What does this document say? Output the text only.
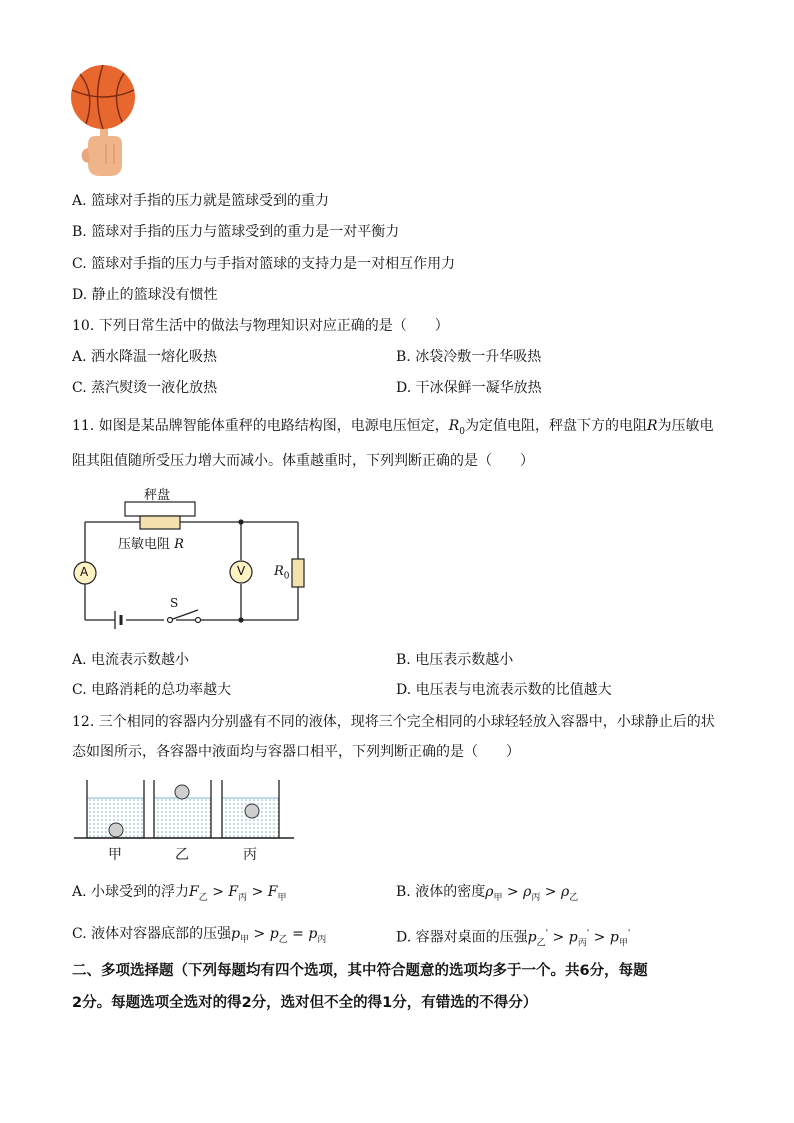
A. 篮球对手指的压力就是篮球受到的重力
B. 篮球对手指的压力与篮球受到的重力是一对平衡力
C. 篮球对手指的压力与手指对篮球的支持力是一对相互作用力
D. 静止的篮球没有惯性
10. 下列日常生活中的做法与物理知识对应正确的是（　　）
A. 洒水降温一熔化吸热	B. 冰袋冷敷一升华吸热
C. 蒸汽熨烫一液化放热	D. 干冰保鲜一凝华放热
11. 如图是某品牌智能体重秤的电路结构图，电源电压恒定，$R_0$为定值电阻，秤盘下方的电阻R为压敏电
阻其阻值随所受压力增大而减小。体重越重时，下列判断正确的是（　　）
秤盘
压敏电阻 R
A	V
S
$R_0$
A. 电流表示数越小	B. 电压表示数越小
C. 电路消耗的总功率越大	D. 电压表与电流表示数的比值越大
12. 三个相同的容器内分别盛有不同的液体，现将三个完全相同的小球轻轻放入容器中，小球静止后的状
态如图所示，各容器中液面均与容器口相平，下列判断正确的是（　　）
甲	乙	丙
A. 小球受到的浮力$F_乙 > F_丙 > F_甲$	B. 液体的密度$\rho_甲 > \rho_丙 > \rho_乙$
C. 液体对容器底部的压强$p_甲 > p_乙 = p_丙$	D. 容器对桌面的压强$p_乙' > p_丙' > p_甲'$
二、多项选择题（下列每题均有四个选项，其中符合题意的选项均多于一个。共6分，每题
2分。每题选项全选对的得2分，选对但不全的得1分，有错选的不得分）
